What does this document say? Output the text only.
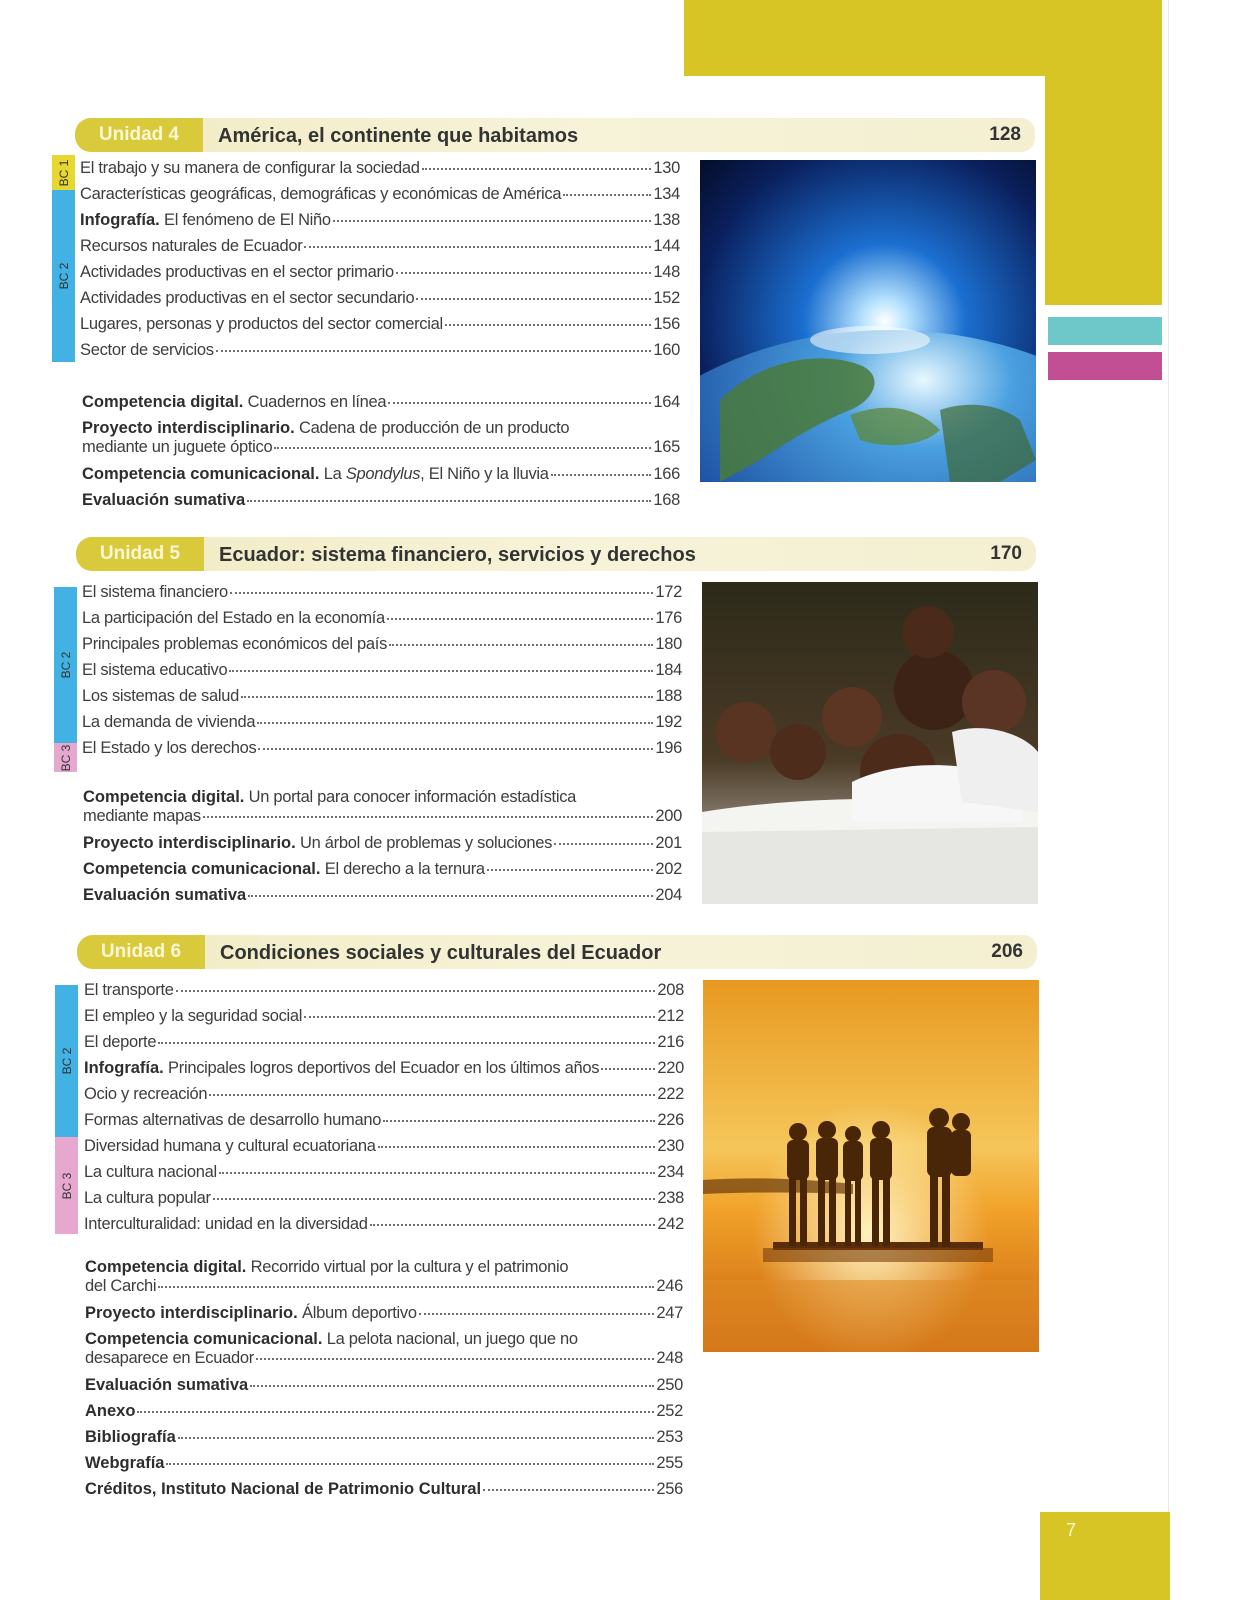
Unidad 4	América, el continente que habitamos	128
BC 1
BC 2
El trabajo y su manera de configurar la sociedad	130
Características geográficas, demográficas y económicas de América	134
Infografía. El fenómeno de El Niño	138
Recursos naturales de Ecuador	144
Actividades productivas en el sector primario	148
Actividades productivas en el sector secundario	152
Lugares, personas y productos del sector comercial	156
Sector de servicios	160
Competencia digital. Cuadernos en línea	164
Proyecto interdisciplinario. Cadena de producción de un producto
mediante un juguete óptico	165
Competencia comunicacional. La Spondylus, El Niño y la lluvia	166
Evaluación sumativa	168
Unidad 5	Ecuador: sistema financiero, servicios y derechos	170
BC 2
BC 3
El sistema financiero	172
La participación del Estado en la economía	176
Principales problemas económicos del país	180
El sistema educativo	184
Los sistemas de salud	188
La demanda de vivienda	192
El Estado y los derechos	196
Competencia digital. Un portal para conocer información estadística
mediante mapas	200
Proyecto interdisciplinario. Un árbol de problemas y soluciones	201
Competencia comunicacional. El derecho a la ternura	202
Evaluación sumativa	204
Unidad 6	Condiciones sociales y culturales del Ecuador	206
BC 2
BC 3
El transporte	208
El empleo y la seguridad social	212
El deporte	216
Infografía. Principales logros deportivos del Ecuador en los últimos años	220
Ocio y recreación	222
Formas alternativas de desarrollo humano	226
Diversidad humana y cultural ecuatoriana	230
La cultura nacional	234
La cultura popular	238
Interculturalidad: unidad en la diversidad	242
Competencia digital. Recorrido virtual por la cultura y el patrimonio
del Carchi	246
Proyecto interdisciplinario. Álbum deportivo	247
Competencia comunicacional. La pelota nacional, un juego que no
desaparece en Ecuador	248
Evaluación sumativa	250
Anexo	252
Bibliografía	253
Webgrafía	255
Créditos, Instituto Nacional de Patrimonio Cultural	256
7
